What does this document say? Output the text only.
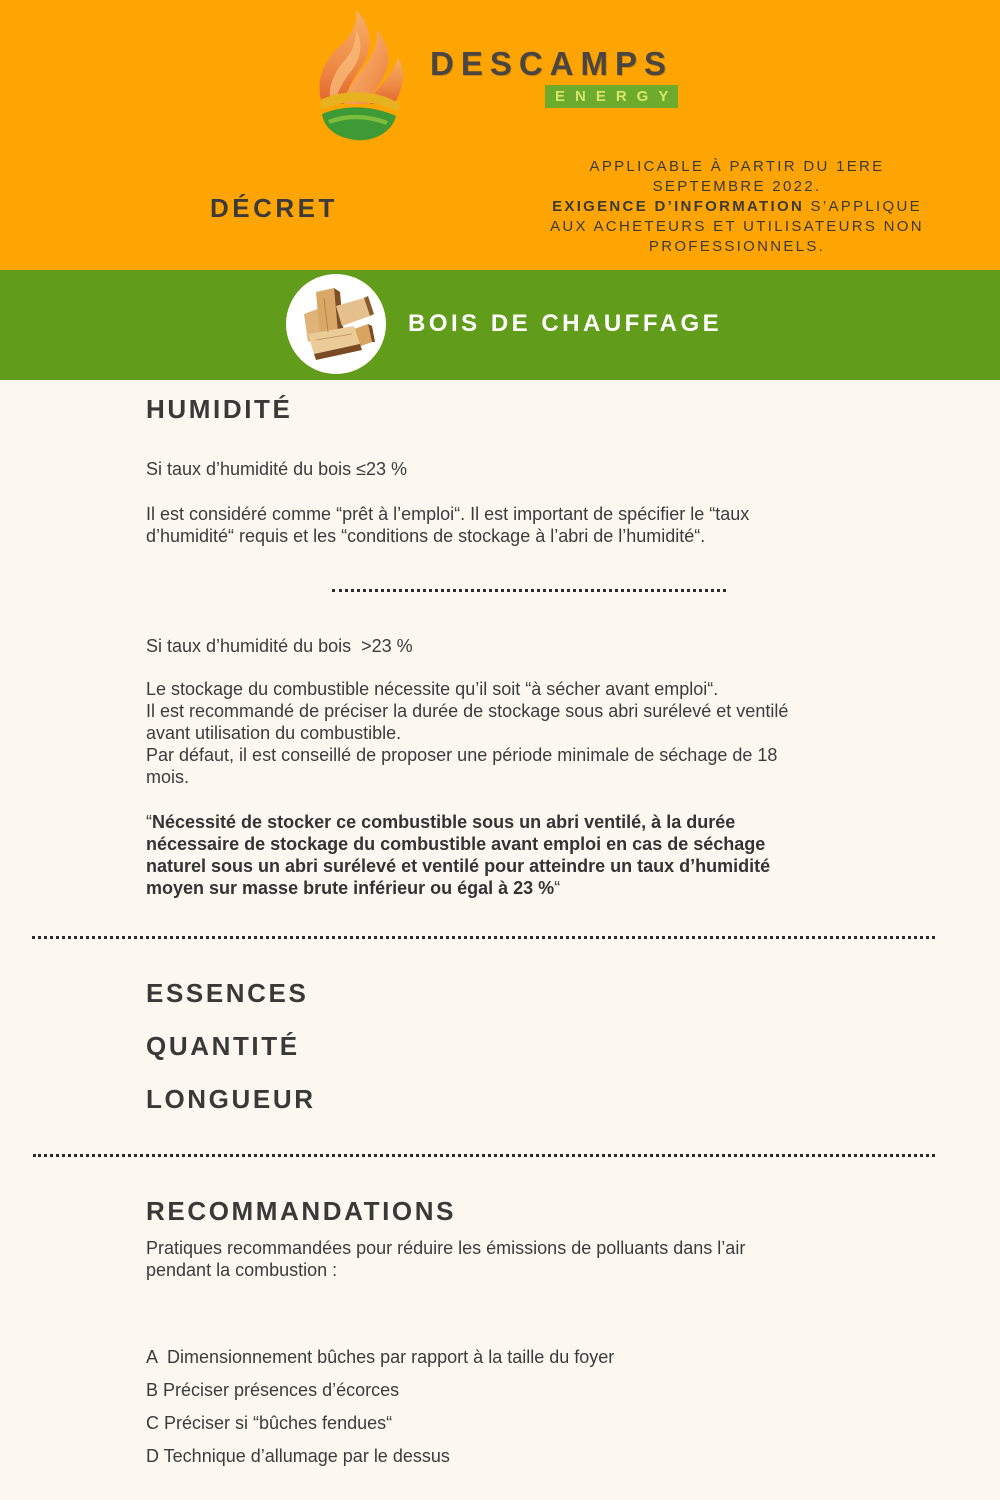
DESCAMPS
ENERGY
DÉCRET
APPLICABLE À PARTIR DU 1ERE
SEPTEMBRE 2022.
EXIGENCE D’INFORMATION S’APPLIQUE
AUX ACHETEURS ET UTILISATEURS NON
PROFESSIONNELS.
BOIS DE CHAUFFAGE
HUMIDITÉ
Si taux d’humidité du bois ≤23 %
Il est considéré comme “prêt à l’emploi“. Il est important de spécifier le “taux
d’humidité“ requis et les “conditions de stockage à l’abri de l’humidité“.
Si taux d’humidité du bois  >23 %
Le stockage du combustible nécessite qu’il soit “à sécher avant emploi“.
Il est recommandé de préciser la durée de stockage sous abri surélevé et ventilé
avant utilisation du combustible.
Par défaut, il est conseillé de proposer une période minimale de séchage de 18
mois.
“Nécessité de stocker ce combustible sous un abri ventilé, à la durée
nécessaire de stockage du combustible avant emploi en cas de séchage
naturel sous un abri surélevé et ventilé pour atteindre un taux d’humidité
moyen sur masse brute inférieur ou égal à 23 %“
ESSENCES
QUANTITÉ
LONGUEUR
RECOMMANDATIONS
Pratiques recommandées pour réduire les émissions de polluants dans l’air
pendant la combustion :
A  Dimensionnement bûches par rapport à la taille du foyer
B Préciser présences d’écorces
C Préciser si “bûches fendues“
D Technique d’allumage par le dessus
